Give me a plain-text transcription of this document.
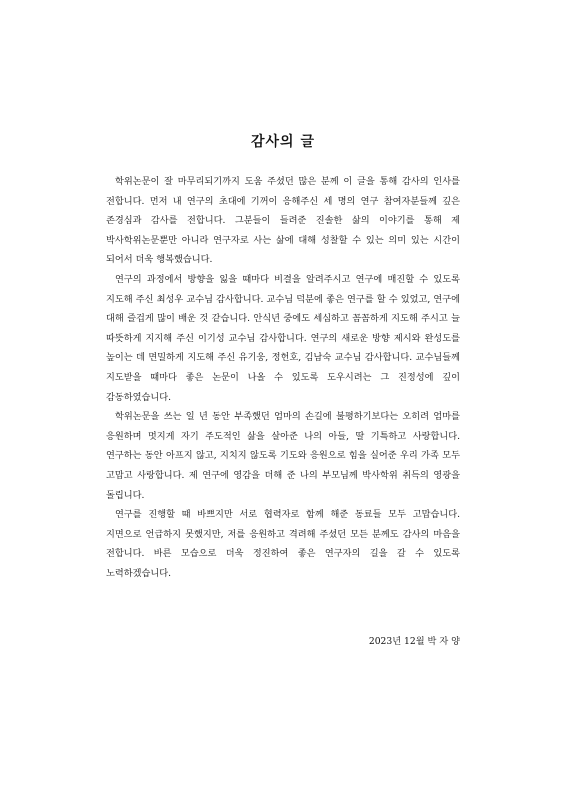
감사의 글

학위논문이 잘 마무리되기까지 도움 주셨던 많은 분께 이 글을 통해 감사의 인사를 전합니다. 먼저 내 연구의 초대에 기꺼이 응해주신 세 명의 연구 참여자분들께 깊은 존경심과 감사를 전합니다. 그분들이 들려준 진솔한 삶의 이야기를 통해 제 박사학위논문뿐만 아니라 연구자로 사는 삶에 대해 성찰할 수 있는 의미 있는 시간이 되어서 더욱 행복했습니다.

연구의 과정에서 방향을 잃을 때마다 비결을 알려주시고 연구에 매진할 수 있도록 지도해 주신 최성우 교수님 감사합니다. 교수님 덕분에 좋은 연구를 할 수 있었고, 연구에 대해 즐겁게 많이 배운 것 같습니다. 안식년 중에도 세심하고 꼼꼼하게 지도해 주시고 늘 따뜻하게 지지해 주신 이기성 교수님 감사합니다. 연구의 새로운 방향 제시와 완성도를 높이는 데 면밀하게 지도해 주신 유기웅, 정헌호, 김남숙 교수님 감사합니다. 교수님들께 지도받을 때마다 좋은 논문이 나올 수 있도록 도우시려는 그 진정성에 깊이 감동하였습니다.

학위논문을 쓰는 일 년 동안 부족했던 엄마의 손길에 불평하기보다는 오히려 엄마를 응원하며 멋지게 자기 주도적인 삶을 살아준 나의 아들, 딸 기특하고 사랑합니다. 연구하는 동안 아프지 않고, 지치지 않도록 기도와 응원으로 힘을 실어준 우리 가족 모두 고맙고 사랑합니다. 제 연구에 영감을 더해 준 나의 부모님께 박사학위 취득의 영광을 돌립니다.

연구를 진행할 때 바쁘지만 서로 협력자로 함께 해준 동료들 모두 고맙습니다. 지면으로 언급하지 못했지만, 저를 응원하고 격려해 주셨던 모든 분께도 감사의 마음을 전합니다. 바른 모습으로 더욱 정진하여 좋은 연구자의 길을 갈 수 있도록 노력하겠습니다.

2023년 12월 박 자 양
